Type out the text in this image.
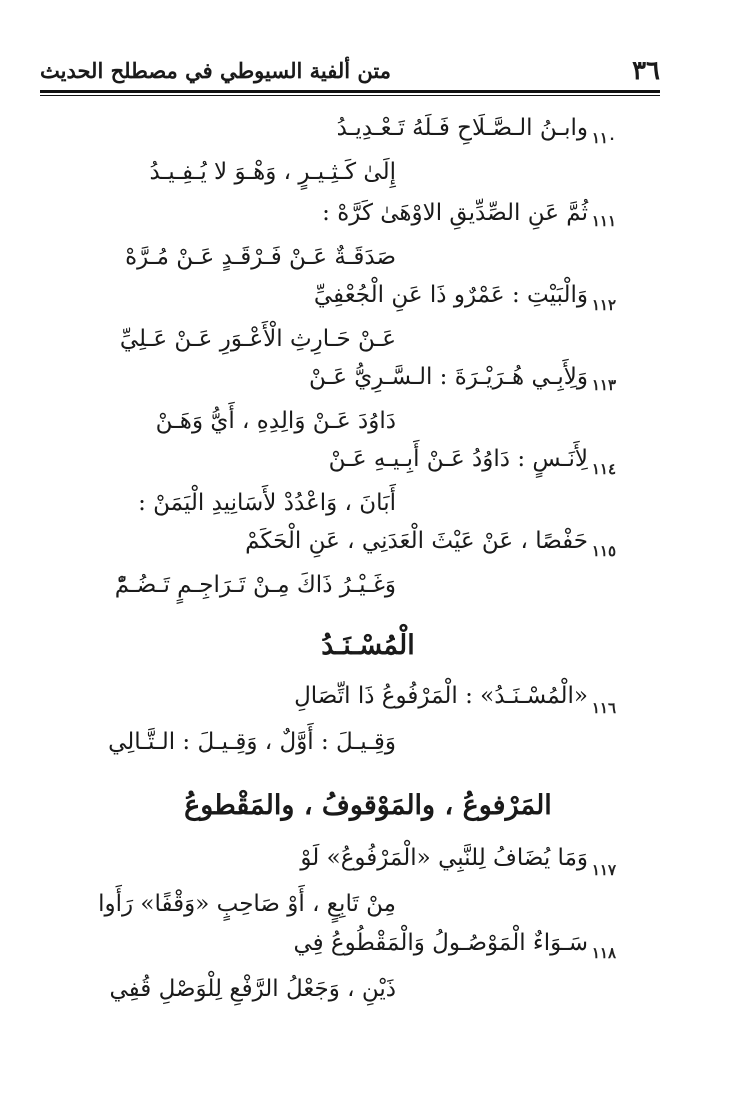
٣٦
متن ألفية السيوطي في مصطلح الحديث
١١٠
وابـنُ الـصَّـلَاحِ فَـلَهُ تَـعْـدِيـدُ
إِلَىٰ كَـثِـيـرٍ ، وَهْـوَ لا يُـفِـيـدُ
١١١
ثُمَّ عَنِ الصِّدِّيقِ الاوْهَىٰ كَرَّهْ :
صَدَقَـةٌ عَـنْ فَـرْقَـدٍ عَـنْ مُـرَّهْ
١١٢
وَالْبَيْتِ : عَمْرٌو ذَا عَنِ الْجُعْفِيِّ
عَـنْ حَـارِثِ الْأَعْـوَرِ عَـنْ عَـلِيِّ
١١٣
وَلِأَبِـي هُـرَيْـرَةَ : الـسَّـرِيُّ عَـنْ
دَاوُدَ عَـنْ وَالِدِهِ ، أَيُّ وَهَـنْ
١١٤
لِأَنَـسٍ : دَاوُدُ عَـنْ أَبِـيـهِ عَـنْ
أَبَانَ ، وَاعْدُدْ لأَسَانِيدِ الْيَمَنْ :
١١٥
حَفْصًا ، عَنْ عَيْثَ الْعَدَنِي ، عَنِ الْحَكَمْ
وَغَـيْـرُ ذَاكَ مِـنْ تَـرَاجِـمٍ تَـضُـمّْ
الْمُسْـنَـدُ
١١٦
«الْمُسْـنَـدُ» : الْمَرْفُوعُ ذَا اتِّصَالِ
وَقِـيـلَ : أَوَّلٌ ، وَقِـيـلَ : الـتَّـالِي
المَرْفوعُ ، والمَوْقوفُ ، والمَقْطوعُ
١١٧
وَمَا يُضَافُ لِلنَّبِي «الْمَرْفُوعُ» لَوْ
مِنْ تَابِعٍ ، أَوْ صَاحِبٍ «وَقْفًا» رَأَوا
١١٨
سَـوَاءٌ الْمَوْصُـولُ وَالْمَقْطُوعُ فِي
ذَيْنِ ، وَجَعْلُ الرَّفْعِ لِلْوَصْلِ قُفِي
